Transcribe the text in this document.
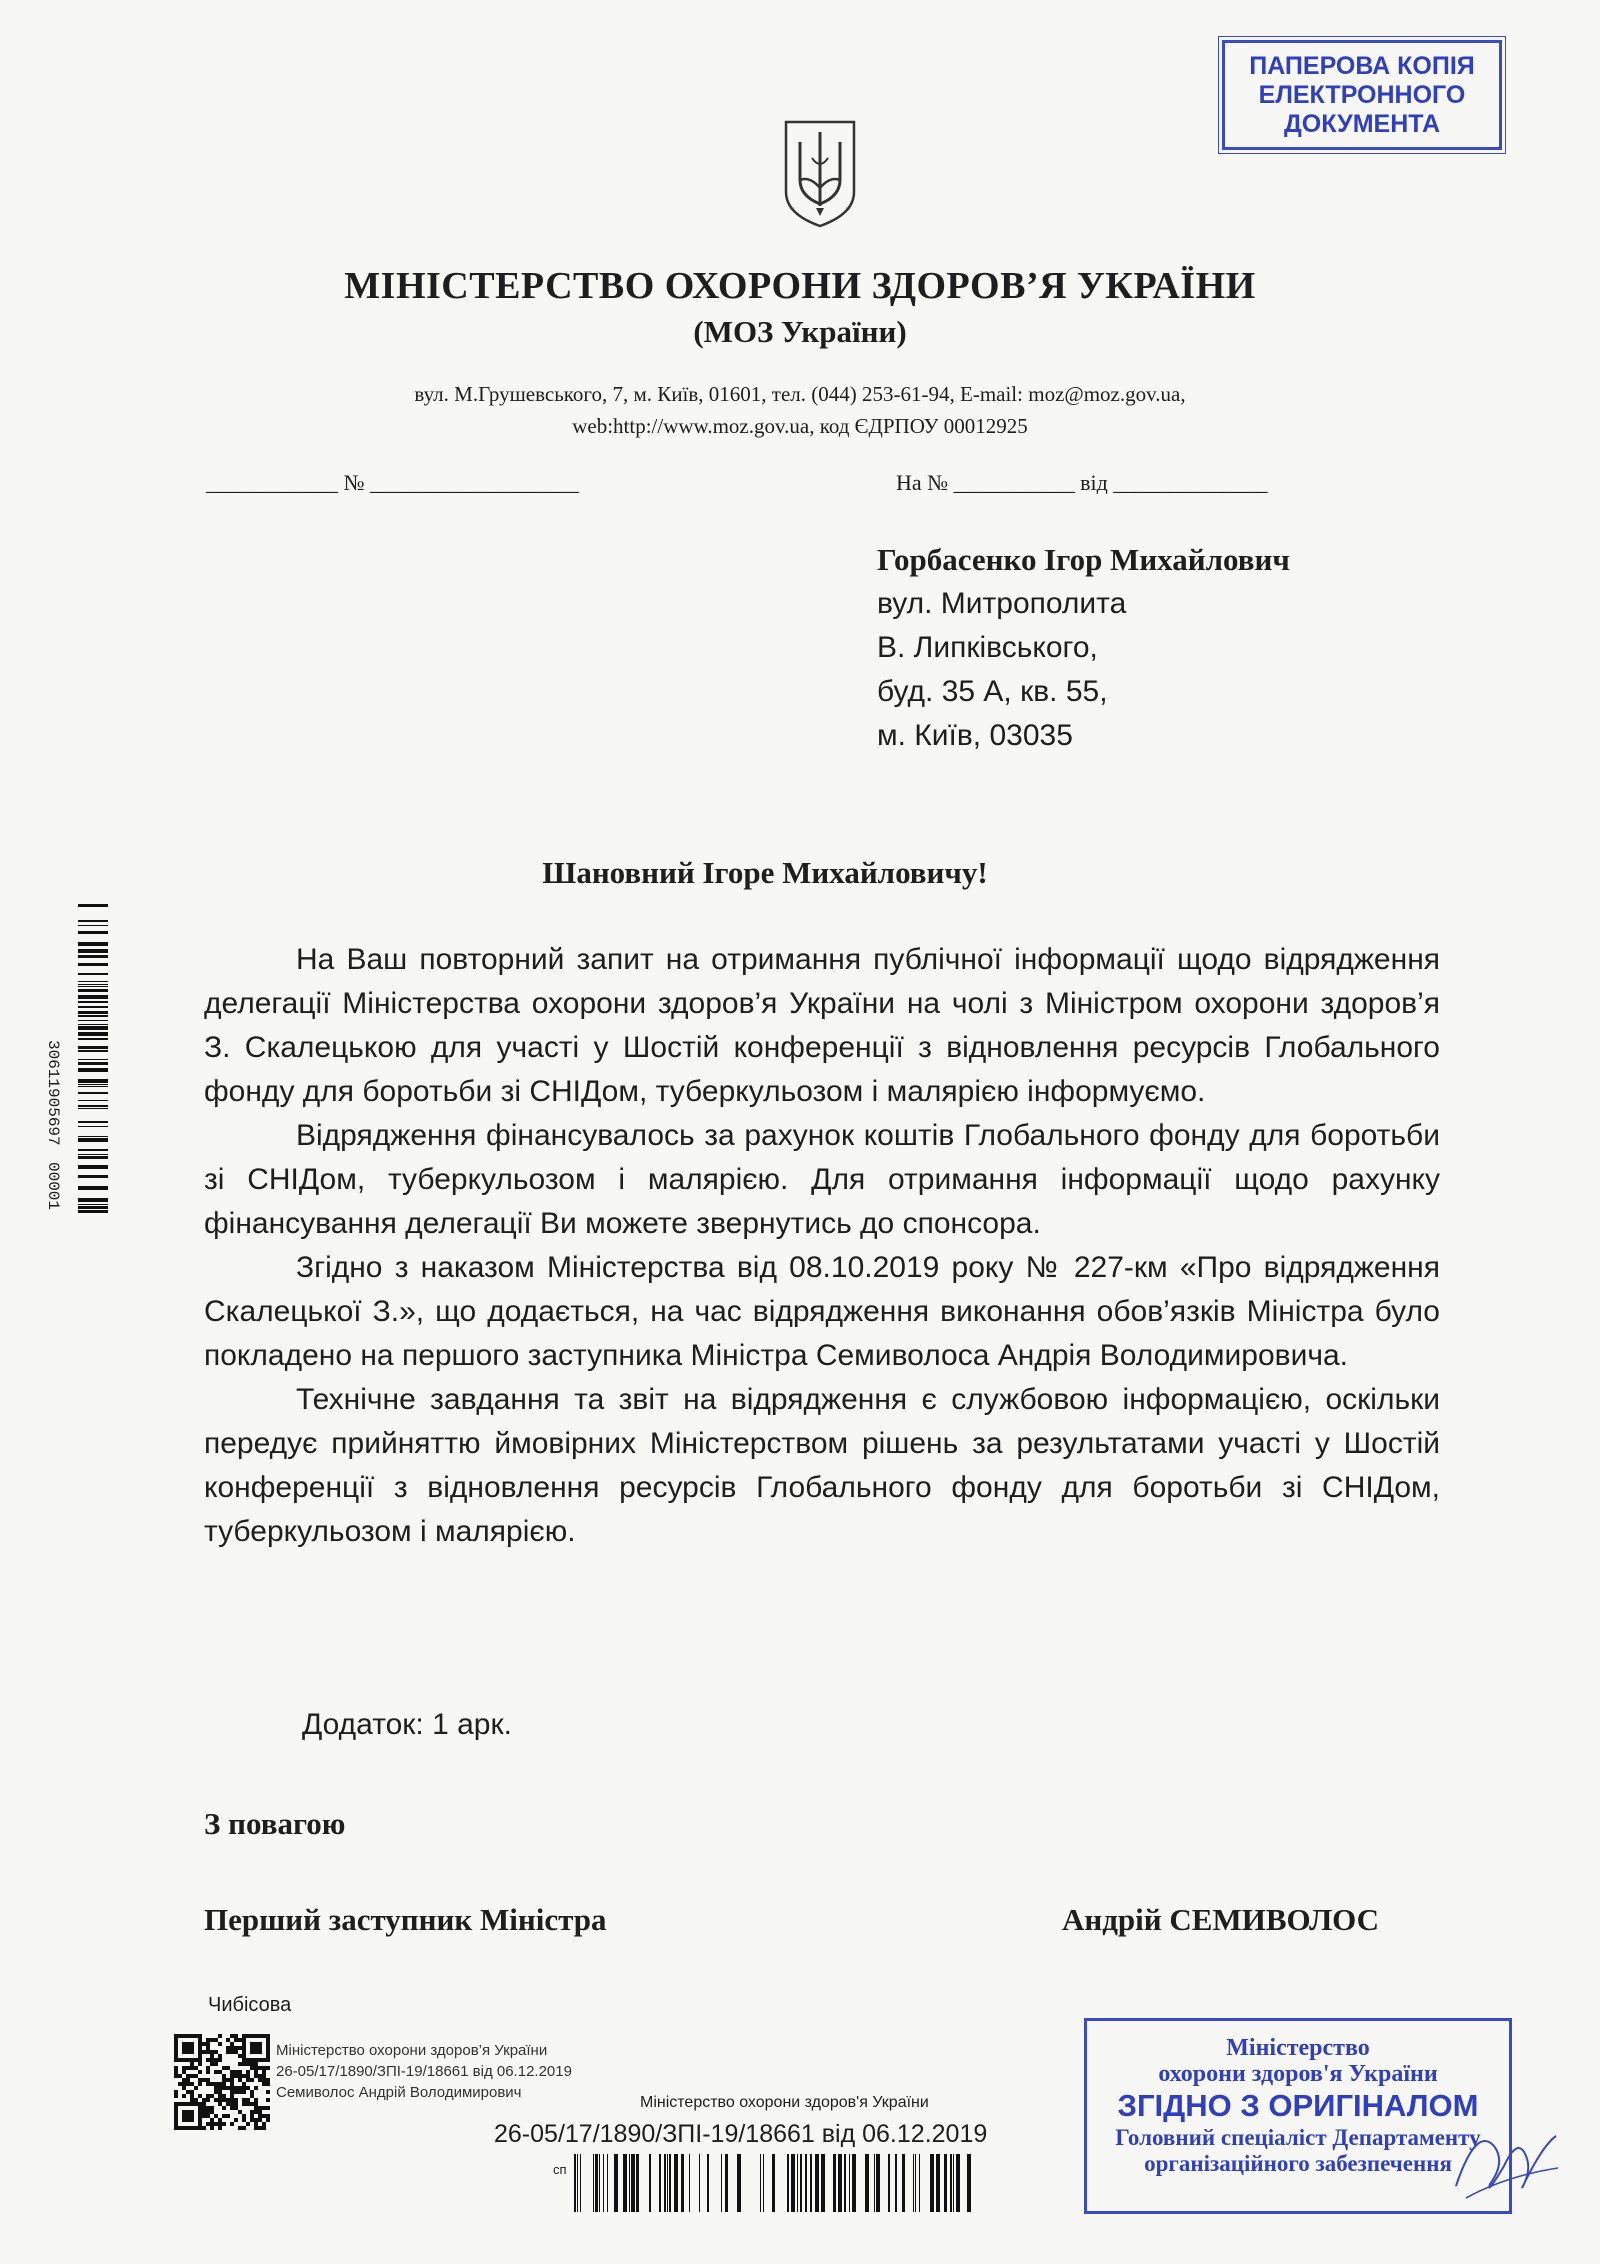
ПАПЕРОВА КОПІЯ
ЕЛЕКТРОННОГО
ДОКУМЕНТА
МІНІСТЕРСТВО ОХОРОНИ ЗДОРОВ’Я УКРАЇНИ
(МОЗ України)
вул. М.Грушевського, 7, м. Київ, 01601, тел. (044) 253-61-94, E-mail: moz@moz.gov.ua,
web:http://www.moz.gov.ua, код ЄДРПОУ 00012925
____________ № ___________________	На № ___________ від ______________
Горбасенко Ігор Михайлович
вул. Митрополита
В. Липківського,
буд. 35 А, кв. 55,
м. Київ, 03035
Шановний Ігоре Михайловичу!
30611905697
00001

На Ваш повторний запит на отримання публічної інформації щодо відрядження делегації Міністерства охорони здоров’я України на чолі з Міністром охорони здоров’я З. Скалецькою для участі у Шостій конференції з відновлення ресурсів Глобального фонду для боротьби зі СНІДом, туберкульозом і малярією інформуємо.

Відрядження фінансувалось за рахунок коштів Глобального фонду для боротьби зі СНІДом, туберкульозом і малярією. Для отримання інформації щодо рахунку фінансування делегації Ви можете звернутись до спонсора.

Згідно з наказом Міністерства від 08.10.2019 року № 227-км «Про відрядження Скалецької З.», що додається, на час відрядження виконання обов’язків Міністра було покладено на першого заступника Міністра Семиволоса Андрія Володимировича.

Технічне завдання та звіт на відрядження є службовою інформацією, оскільки передує прийняттю ймовірних Міністерством рішень за результатами участі у Шостій конференції з відновлення ресурсів Глобального фонду для боротьби зі СНІДом, туберкульозом і малярією.

Додаток: 1 арк.
З повагою
Перший заступник Міністра	Андрій СЕМИВОЛОС
Чибісова
Міністерство охорони здоров’я України
26-05/17/1890/ЗПІ-19/18661 від 06.12.2019
Семиволос Андрій Володимирович
Міністерство охорони здоров'я України
26-05/17/1890/ЗПІ-19/18661 від 06.12.2019
сп
Міністерство
охорони здоров'я України
ЗГІДНО З ОРИГІНАЛОМ
Головний спеціаліст Департаменту
організаційного забезпечення
